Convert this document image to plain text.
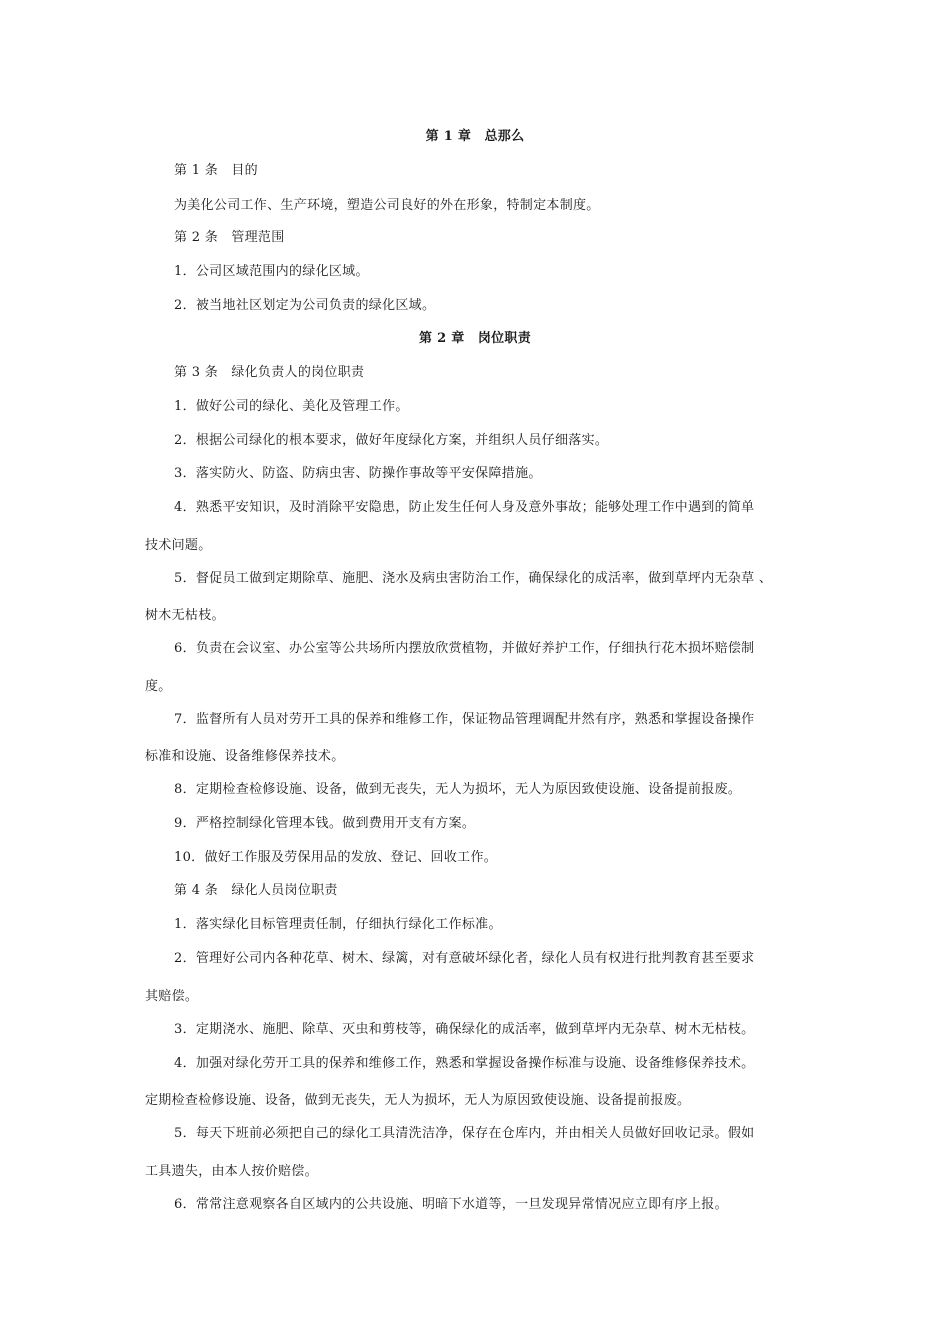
第 1 章　总那么
第 1 条　目的
为美化公司工作、生产环境，塑造公司良好的外在形象，特制定本制度。
第 2 条　管理范围
1．公司区域范围内的绿化区域。
2．被当地社区划定为公司负责的绿化区域。
第 2 章　岗位职责
第 3 条　绿化负责人的岗位职责
1．做好公司的绿化、美化及管理工作。
2．根据公司绿化的根本要求，做好年度绿化方案，并组织人员仔细落实。
3．落实防火、防盗、防病虫害、防操作事故等平安保障措施。
4．熟悉平安知识，及时消除平安隐患，防止发生任何人身及意外事故；能够处理工作中遇到的简单
技术问题。
5．督促员工做到定期除草、施肥、浇水及病虫害防治工作，确保绿化的成活率，做到草坪内无杂草 、
树木无枯枝。
6．负责在会议室、办公室等公共场所内摆放欣赏植物，并做好养护工作，仔细执行花木损坏赔偿制
度。
7．监督所有人员对劳开工具的保养和维修工作，保证物品管理调配井然有序，熟悉和掌握设备操作
标准和设施、设备维修保养技术。
8．定期检查检修设施、设备，做到无丧失，无人为损坏，无人为原因致使设施、设备提前报废。
9．严格控制绿化管理本钱。做到费用开支有方案。
10．做好工作服及劳保用品的发放、登记、回收工作。
第 4 条　绿化人员岗位职责
1．落实绿化目标管理责任制，仔细执行绿化工作标准。
2．管理好公司内各种花草、树木、绿篱，对有意破坏绿化者，绿化人员有权进行批判教育甚至要求
其赔偿。
3．定期浇水、施肥、除草、灭虫和剪枝等，确保绿化的成活率，做到草坪内无杂草、树木无枯枝。
4．加强对绿化劳开工具的保养和维修工作，熟悉和掌握设备操作标准与设施、设备维修保养技术。
定期检查检修设施、设备，做到无丧失，无人为损坏，无人为原因致使设施、设备提前报废。
5．每天下班前必须把自己的绿化工具清洗洁净，保存在仓库内，并由相关人员做好回收记录。假如
工具遗失，由本人按价赔偿。
6．常常注意观察各自区域内的公共设施、明暗下水道等，一旦发现异常情况应立即有序上报。
